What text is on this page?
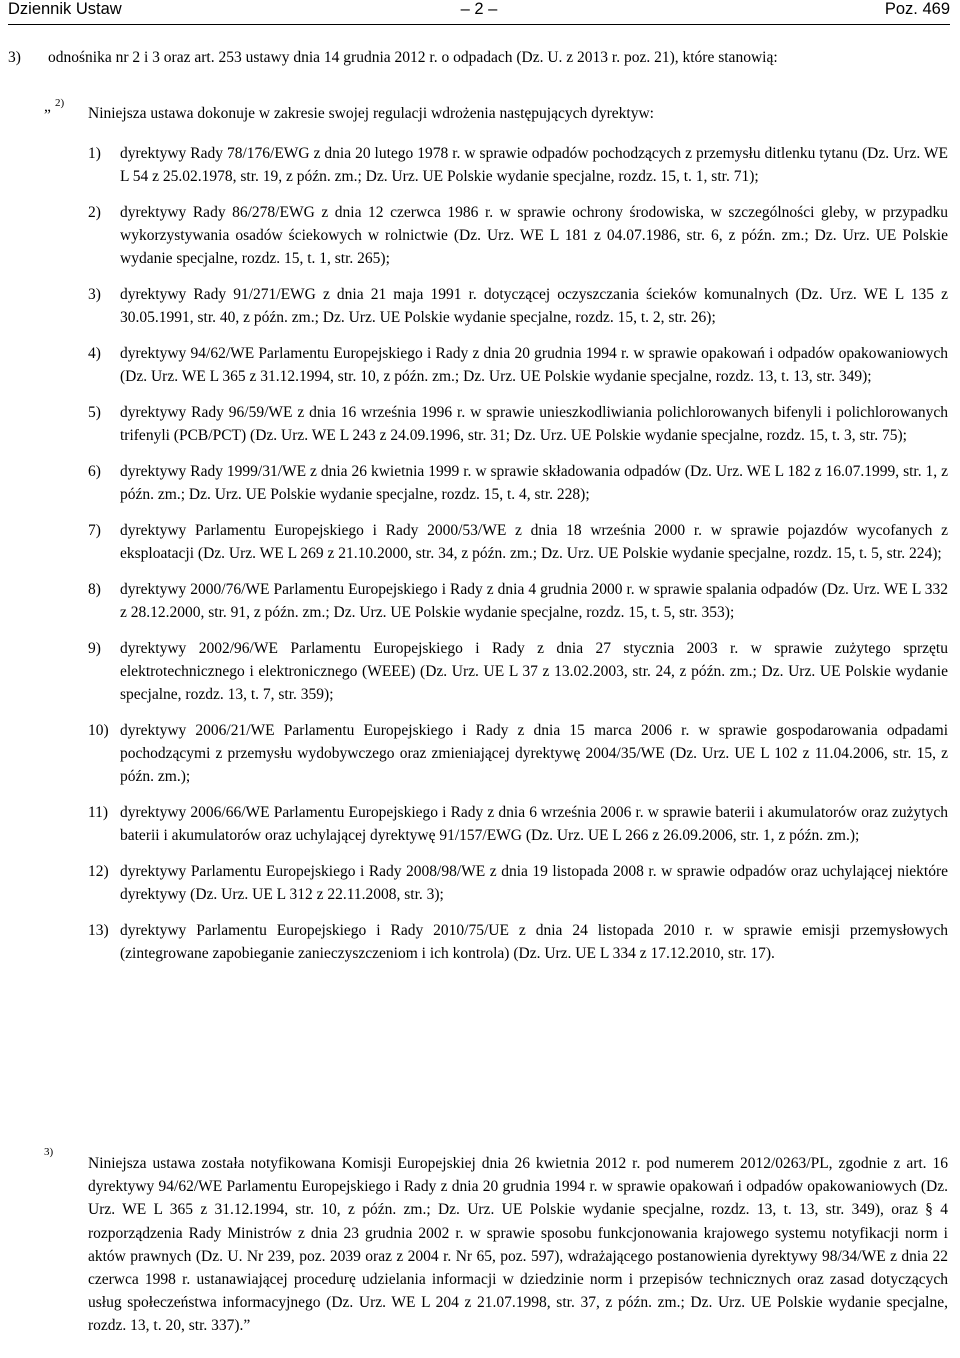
Dziennik Ustaw	– 2 –	Poz. 469
3) odnośnika nr 2 i 3 oraz art. 253 ustawy dnia 14 grudnia 2012 r. o odpadach (Dz. U. z 2013 r. poz. 21), które stanowią:
„ 2)
Niniejsza ustawa dokonuje w zakresie swojej regulacji wdrożenia następujących dyrektyw:
1) dyrektywy Rady 78/176/EWG z dnia 20 lutego 1978 r. w sprawie odpadów pochodzących z przemysłu ditlenku tytanu (Dz. Urz. WE L 54 z 25.02.1978, str. 19, z późn. zm.; Dz. Urz. UE Polskie wydanie specjalne, rozdz. 15, t. 1, str. 71);
2) dyrektywy Rady 86/278/EWG z dnia 12 czerwca 1986 r. w sprawie ochrony środowiska, w szczególności gleby, w przypadku wykorzystywania osadów ściekowych w rolnictwie (Dz. Urz. WE L 181 z 04.07.1986, str. 6, z późn. zm.; Dz. Urz. UE Polskie wydanie specjalne, rozdz. 15, t. 1, str. 265);
3) dyrektywy Rady 91/271/EWG z dnia 21 maja 1991 r. dotyczącej oczyszczania ścieków komunalnych (Dz. Urz. WE L 135 z 30.05.1991, str. 40, z późn. zm.; Dz. Urz. UE Polskie wydanie specjalne, rozdz. 15, t. 2, str. 26);
4) dyrektywy 94/62/WE Parlamentu Europejskiego i Rady z dnia 20 grudnia 1994 r. w sprawie opakowań i odpadów opakowaniowych (Dz. Urz. WE L 365 z 31.12.1994, str. 10, z późn. zm.; Dz. Urz. UE Polskie wydanie specjalne, rozdz. 13, t. 13, str. 349);
5) dyrektywy Rady 96/59/WE z dnia 16 września 1996 r. w sprawie unieszkodliwiania polichlorowanych bifenyli i polichlorowanych trifenyli (PCB/PCT) (Dz. Urz. WE L 243 z 24.09.1996, str. 31; Dz. Urz. UE Polskie wydanie specjalne, rozdz. 15, t. 3, str. 75);
6) dyrektywy Rady 1999/31/WE z dnia 26 kwietnia 1999 r. w sprawie składowania odpadów (Dz. Urz. WE L 182 z 16.07.1999, str. 1, z późn. zm.; Dz. Urz. UE Polskie wydanie specjalne, rozdz. 15, t. 4, str. 228);
7) dyrektywy Parlamentu Europejskiego i Rady 2000/53/WE z dnia 18 września 2000 r. w sprawie pojazdów wycofanych z eksploatacji (Dz. Urz. WE L 269 z 21.10.2000, str. 34, z późn. zm.; Dz. Urz. UE Polskie wydanie specjalne, rozdz. 15, t. 5, str. 224);
8) dyrektywy 2000/76/WE Parlamentu Europejskiego i Rady z dnia 4 grudnia 2000 r. w sprawie spalania odpadów (Dz. Urz. WE L 332 z 28.12.2000, str. 91, z późn. zm.; Dz. Urz. UE Polskie wydanie specjalne, rozdz. 15, t. 5, str. 353);
9) dyrektywy 2002/96/WE Parlamentu Europejskiego i Rady z dnia 27 stycznia 2003 r. w sprawie zużytego sprzętu elektrotechnicznego i elektronicznego (WEEE) (Dz. Urz. UE L 37 z 13.02.2003, str. 24, z późn. zm.; Dz. Urz. UE Polskie wydanie specjalne, rozdz. 13, t. 7, str. 359);
10) dyrektywy 2006/21/WE Parlamentu Europejskiego i Rady z dnia 15 marca 2006 r. w sprawie gospodarowania odpadami pochodzącymi z przemysłu wydobywczego oraz zmieniającej dyrektywę 2004/35/WE (Dz. Urz. UE L 102 z 11.04.2006, str. 15, z późn. zm.);
11) dyrektywy 2006/66/WE Parlamentu Europejskiego i Rady z dnia 6 września 2006 r. w sprawie baterii i akumulatorów oraz zużytych baterii i akumulatorów oraz uchylającej dyrektywę 91/157/EWG (Dz. Urz. UE L 266 z 26.09.2006, str. 1, z późn. zm.);
12) dyrektywy Parlamentu Europejskiego i Rady 2008/98/WE z dnia 19 listopada 2008 r. w sprawie odpadów oraz uchylającej niektóre dyrektywy (Dz. Urz. UE L 312 z 22.11.2008, str. 3);
13) dyrektywy Parlamentu Europejskiego i Rady 2010/75/UE z dnia 24 listopada 2010 r. w sprawie emisji przemysłowych (zintegrowane zapobieganie zanieczyszczeniom i ich kontrola) (Dz. Urz. UE L 334 z 17.12.2010, str. 17).
3)
Niniejsza ustawa została notyfikowana Komisji Europejskiej dnia 26 kwietnia 2012 r. pod numerem 2012/0263/PL, zgodnie z art. 16 dyrektywy 94/62/WE Parlamentu Europejskiego i Rady z dnia 20 grudnia 1994 r. w sprawie opakowań i odpadów opakowaniowych (Dz. Urz. WE L 365 z 31.12.1994, str. 10, z późn. zm.; Dz. Urz. UE Polskie wydanie specjalne, rozdz. 13, t. 13, str. 349), oraz § 4 rozporządzenia Rady Ministrów z dnia 23 grudnia 2002 r. w sprawie sposobu funkcjonowania krajowego systemu notyfikacji norm i aktów prawnych (Dz. U. Nr 239, poz. 2039 oraz z 2004 r. Nr 65, poz. 597), wdrażającego postanowienia dyrektywy 98/34/WE z dnia 22 czerwca 1998 r. ustanawiającej procedurę udzielania informacji w dziedzinie norm i przepisów technicznych oraz zasad dotyczących usług społeczeństwa informacyjnego (Dz. Urz. WE L 204 z 21.07.1998, str. 37, z późn. zm.; Dz. Urz. UE Polskie wydanie specjalne, rozdz. 13, t. 20, str. 337).”
